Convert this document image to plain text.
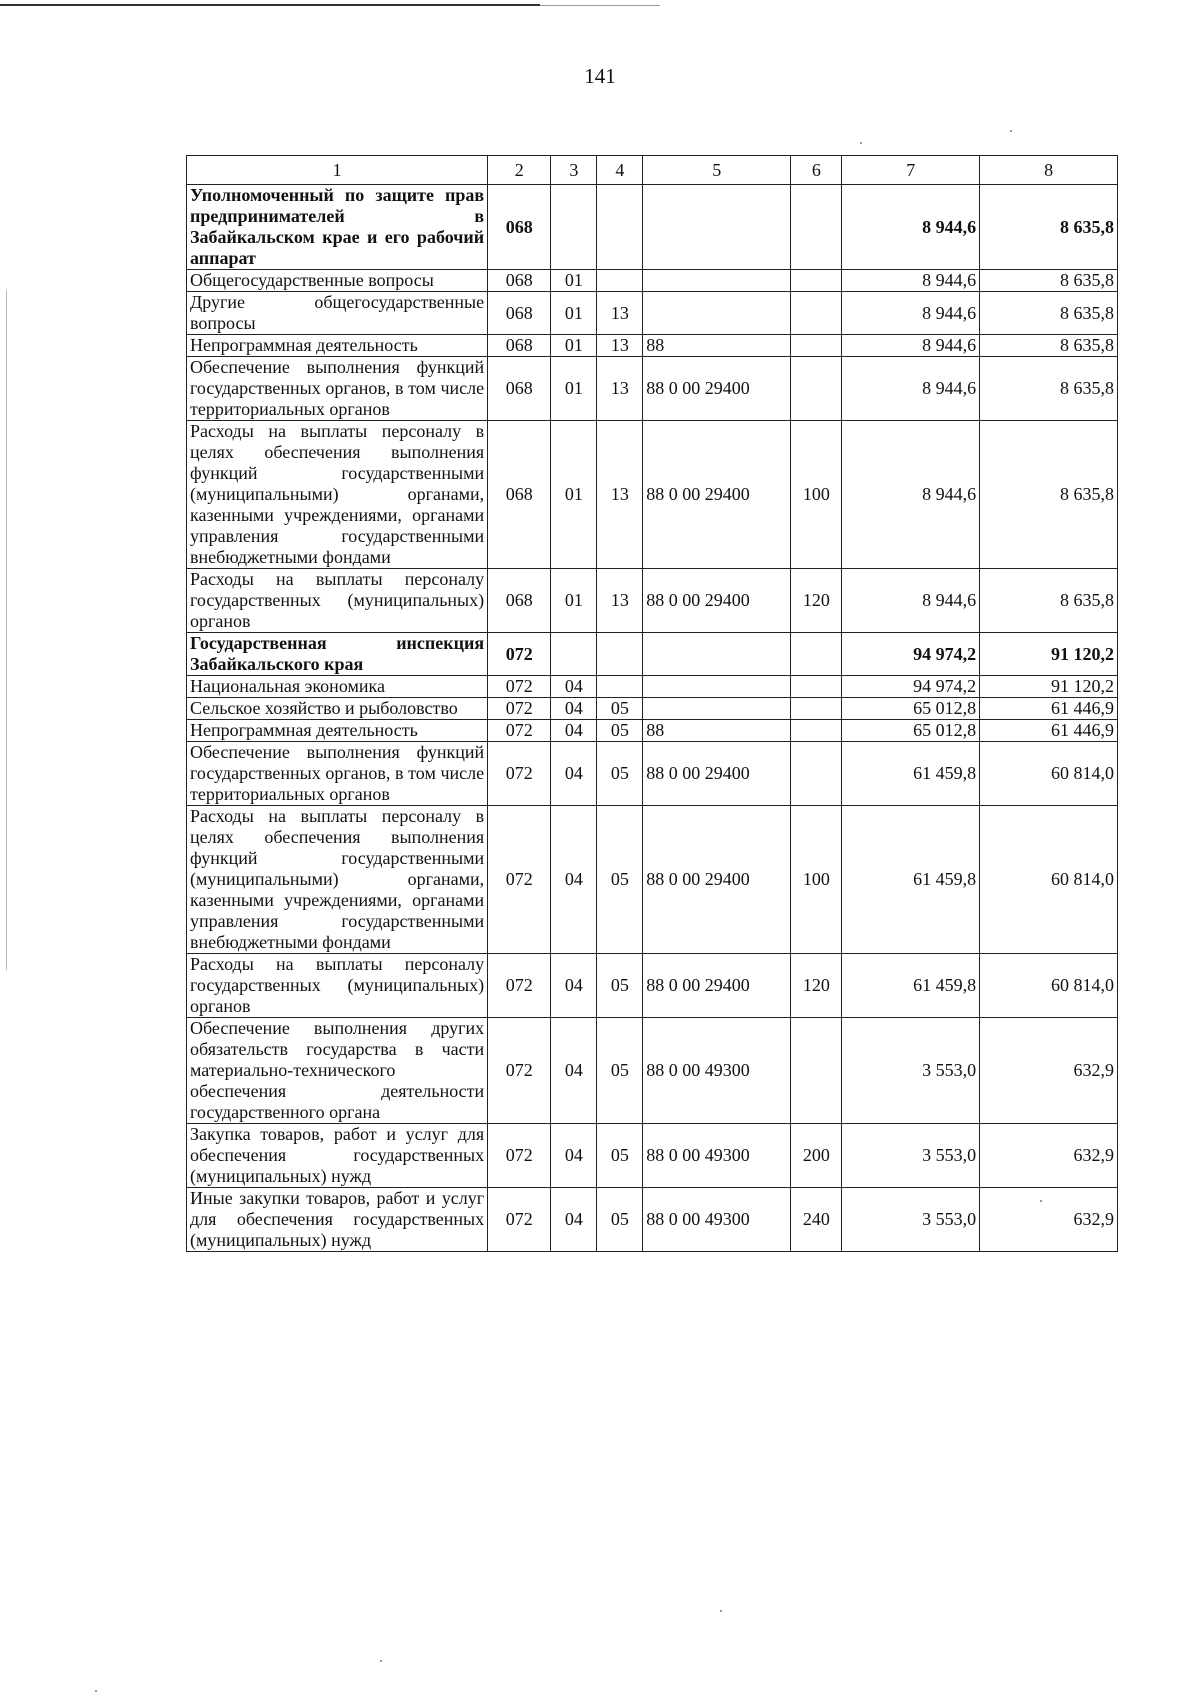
141
1	2	3	4	5	6	7	8
Уполномоченный по защите прав предпринимателей в Забайкальском крае и его рабочий аппарат	068					8 944,6	8 635,8
Общегосударственные вопросы	068	01				8 944,6	8 635,8
Другие общегосударственные вопросы	068	01	13			8 944,6	8 635,8
Непрограммная деятельность	068	01	13	88		8 944,6	8 635,8
Обеспечение выполнения функций государственных органов, в том числе территориальных органов	068	01	13	88 0 00 29400		8 944,6	8 635,8
Расходы на выплаты персоналу в целях обеспечения выполнения функций государственными (муниципальными) органами, казенными учреждениями, органами управления государственными внебюджетными фондами	068	01	13	88 0 00 29400	100	8 944,6	8 635,8
Расходы на выплаты персоналу государственных (муниципальных) органов	068	01	13	88 0 00 29400	120	8 944,6	8 635,8
Государственная инспекция Забайкальского края	072					94 974,2	91 120,2
Национальная экономика	072	04				94 974,2	91 120,2
Сельское хозяйство и рыболовство	072	04	05			65 012,8	61 446,9
Непрограммная деятельность	072	04	05	88		65 012,8	61 446,9
Обеспечение выполнения функций государственных органов, в том числе территориальных органов	072	04	05	88 0 00 29400		61 459,8	60 814,0
Расходы на выплаты персоналу в целях обеспечения выполнения функций государственными (муниципальными) органами, казенными учреждениями, органами управления государственными внебюджетными фондами	072	04	05	88 0 00 29400	100	61 459,8	60 814,0
Расходы на выплаты персоналу государственных (муниципальных) органов	072	04	05	88 0 00 29400	120	61 459,8	60 814,0
Обеспечение выполнения других обязательств государства в части материально-технического обеспечения деятельности государственного органа	072	04	05	88 0 00 49300		3 553,0	632,9
Закупка товаров, работ и услуг для обеспечения государственных (муниципальных) нужд	072	04	05	88 0 00 49300	200	3 553,0	632,9
Иные закупки товаров, работ и услуг для обеспечения государственных (муниципальных) нужд	072	04	05	88 0 00 49300	240	3 553,0	632,9
